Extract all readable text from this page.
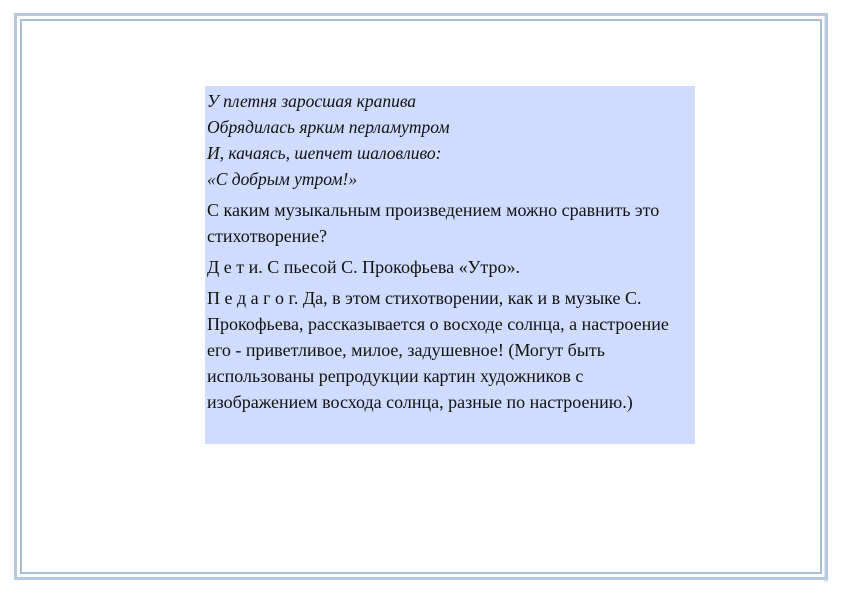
У плетня заросшая крапива
Обрядилась ярким перламутром
И, качаясь, шепчет шаловливо:
«С добрым утром!»

С каким музыкальным произведением можно сравнить это стихотворение?

Д е т и. С пьесой С. Прокофьева «Утро».

П е д а г о г. Да, в этом стихотворении, как и в музыке С. Прокофьева, рассказывается о восходе солнца, а настроение его - приветливое, милое, задушевное! (Могут быть использованы репродукции картин художников с изображением восхода солнца, разные по настроению.)
